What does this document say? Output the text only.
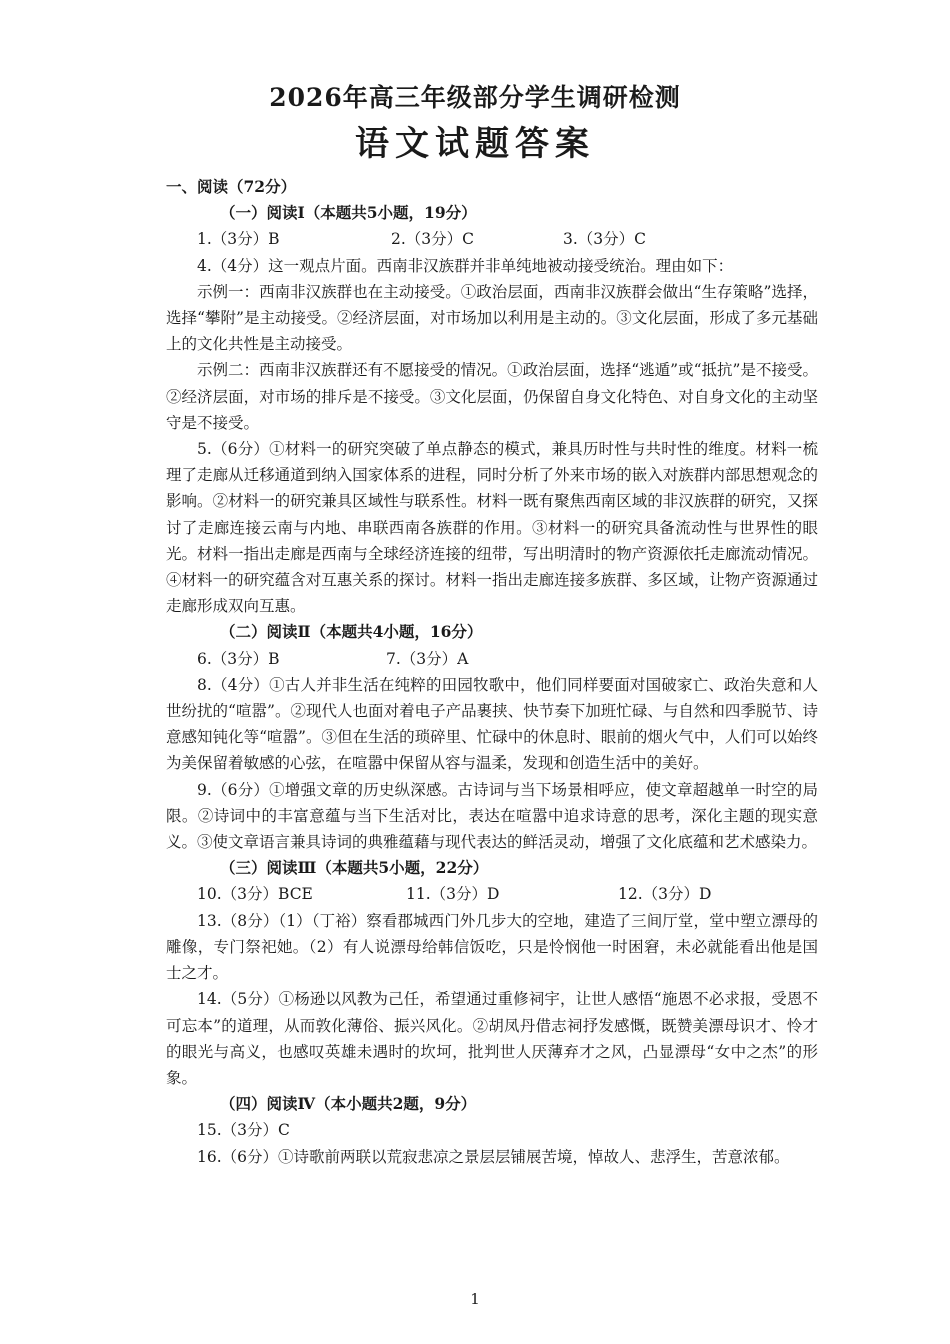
2026年高三年级部分学生调研检测
语文试题答案

一、阅读（72分）

（一）阅读Ⅰ（本题共5小题，19分）

1.（3分）B	2.（3分）C	3.（3分）C

4.（4分）这一观点片面。西南非汉族群并非单纯地被动接受统治。理由如下：

示例一：西南非汉族群也在主动接受。①政治层面，西南非汉族群会做出“生存策略”选择，选择“攀附”是主动接受。②经济层面，对市场加以利用是主动的。③文化层面，形成了多元基础上的文化共性是主动接受。

示例二：西南非汉族群还有不愿接受的情况。①政治层面，选择“逃遁”或“抵抗”是不接受。②经济层面，对市场的排斥是不接受。③文化层面，仍保留自身文化特色、对自身文化的主动坚守是不接受。

5.（6分）①材料一的研究突破了单点静态的模式，兼具历时性与共时性的维度。材料一梳理了走廊从迁移通道到纳入国家体系的进程，同时分析了外来市场的嵌入对族群内部思想观念的影响。②材料一的研究兼具区域性与联系性。材料一既有聚焦西南区域的非汉族群的研究，又探讨了走廊连接云南与内地、串联西南各族群的作用。③材料一的研究具备流动性与世界性的眼光。材料一指出走廊是西南与全球经济连接的纽带，写出明清时的物产资源依托走廊流动情况。④材料一的研究蕴含对互惠关系的探讨。材料一指出走廊连接多族群、多区域，让物产资源通过走廊形成双向互惠。

（二）阅读Ⅱ（本题共4小题，16分）

6.（3分）B	7.（3分）A

8.（4分）①古人并非生活在纯粹的田园牧歌中，他们同样要面对国破家亡、政治失意和人世纷扰的“喧嚣”。②现代人也面对着电子产品裹挟、快节奏下加班忙碌、与自然和四季脱节、诗意感知钝化等“喧嚣”。③但在生活的琐碎里、忙碌中的休息时、眼前的烟火气中，人们可以始终为美保留着敏感的心弦，在喧嚣中保留从容与温柔，发现和创造生活中的美好。

9.（6分）①增强文章的历史纵深感。古诗词与当下场景相呼应，使文章超越单一时空的局限。②诗词中的丰富意蕴与当下生活对比，表达在喧嚣中追求诗意的思考，深化主题的现实意义。③使文章语言兼具诗词的典雅蕴藉与现代表达的鲜活灵动，增强了文化底蕴和艺术感染力。

（三）阅读Ⅲ（本题共5小题，22分）

10.（3分）BCE	11.（3分）D	12.（3分）D

13.（8分）（1）（丁裕）察看郡城西门外几步大的空地，建造了三间厅堂，堂中塑立漂母的雕像，专门祭祀她。（2）有人说漂母给韩信饭吃，只是怜悯他一时困窘，未必就能看出他是国士之才。

14.（5分）①杨逊以风教为己任，希望通过重修祠宇，让世人感悟“施恩不必求报，受恩不可忘本”的道理，从而敦化薄俗、振兴风化。②胡凤丹借志祠抒发感慨，既赞美漂母识才、怜才的眼光与高义，也感叹英雄未遇时的坎坷，批判世人厌薄弃才之风，凸显漂母“女中之杰”的形象。

（四）阅读Ⅳ（本小题共2题，9分）

15.（3分）C

16.（6分）①诗歌前两联以荒寂悲凉之景层层铺展苦境，悼故人、悲浮生，苦意浓郁。

1
